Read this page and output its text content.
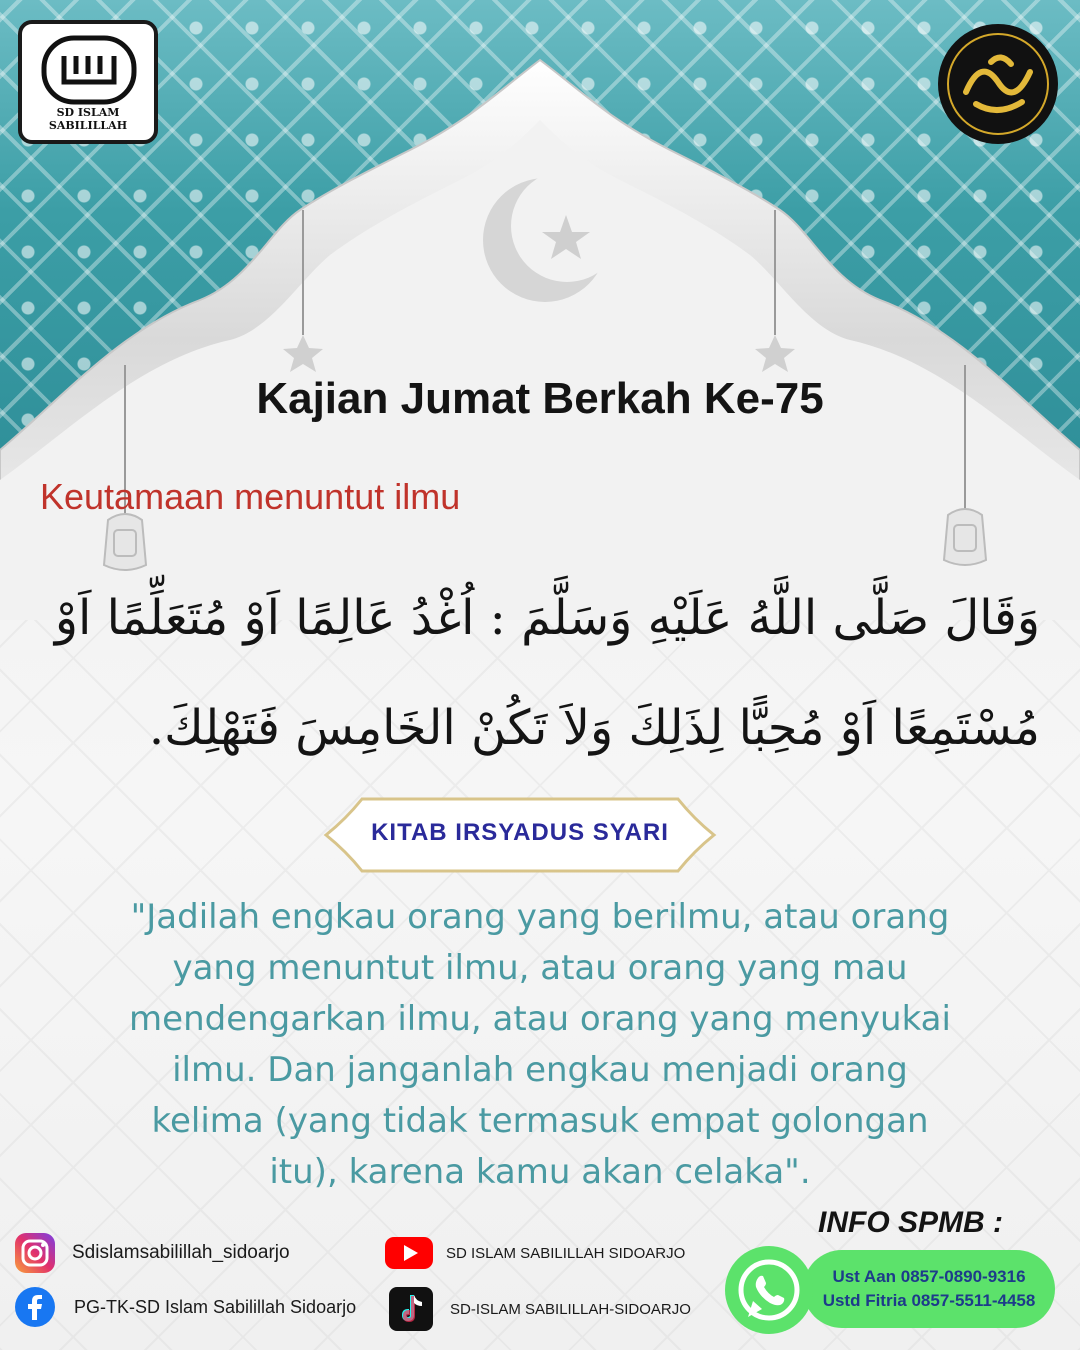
SD ISLAM SABILILLAH
Kajian Jumat Berkah Ke-75
Keutamaan menuntut ilmu
وَقَالَ صَلَّى اللَّهُ عَلَيْهِ وَسَلَّمَ : اُغْدُ عَالِمًا اَوْ مُتَعَلِّمًا اَوْ
مُسْتَمِعًا اَوْ مُحِبًّا لِذَلِكَ وَلاَ تَكُنْ الخَامِسَ فَتَهْلِكَ.
KITAB IRSYADUS SYARI
"Jadilah engkau orang yang berilmu, atau orang
yang menuntut ilmu, atau orang yang mau
mendengarkan ilmu, atau orang yang menyukai
ilmu. Dan janganlah engkau menjadi orang
kelima (yang tidak termasuk empat golongan
itu), karena kamu akan celaka".
Sdislamsabilillah_sidoarjo
PG-TK-SD Islam Sabilillah Sidoarjo
SD ISLAM SABILILLAH SIDOARJO
SD-ISLAM SABILILLAH-SIDOARJO
INFO SPMB :
Ust Aan 0857-0890-9316
Ustd Fitria 0857-5511-4458
